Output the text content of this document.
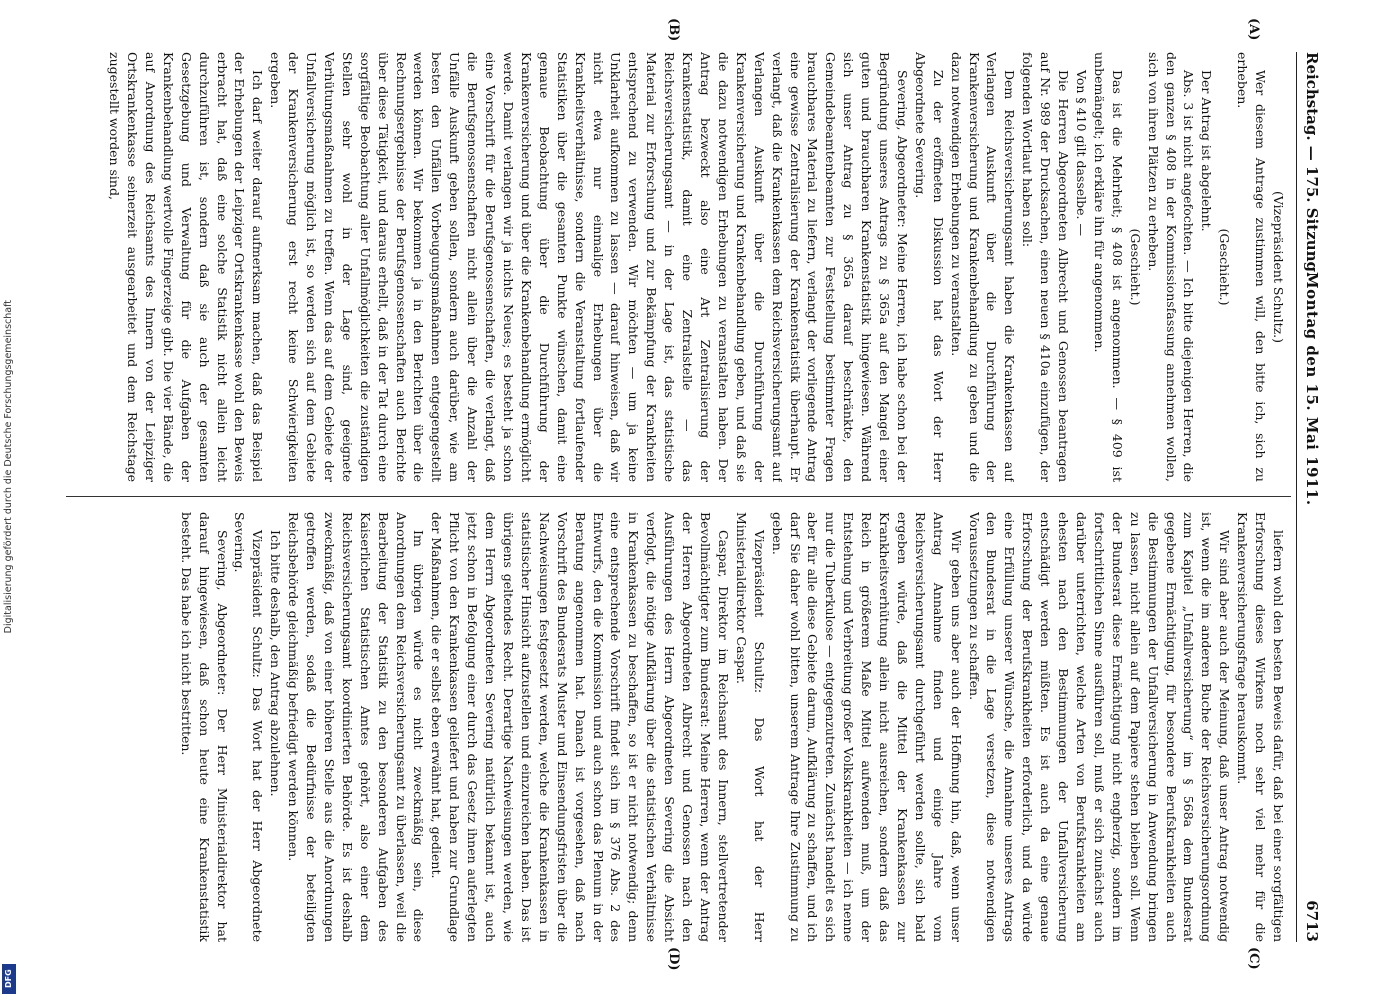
Digitalisierung gefördert durch die Deutsche Forschungsgemeinschaft
DFG
Reichstag. — 175. Sitzung.
Montag den 15. Mai 1911.
6713
(A)
(B)
(C)
(D)

(Vizepräsident Schultz.)

Wer diesem Antrage zustimmen will, den bitte ich, sich zu erheben.

(Geschieht.)

Der Antrag ist abgelehnt.

Abs. 3 ist nicht angefochten. — Ich bitte diejenigen Herren, die den ganzen § 408 in der Kommissionsfassung annehmen wollen, sich von ihren Plätzen zu erheben.

(Geschieht.)

Das ist die Mehrheit; § 408 ist angenommen. — § 409 ist unbemängelt; ich erkläre ihn für angenommen.

Von § 410 gilt dasselbe. —

Die Herren Abgeordneten Albrecht und Genossen beantragen auf Nr. 989 der Drucksachen, einen neuen § 410a einzufügen, der folgenden Wortlaut haben soll:

Dem Reichsversicherungsamt haben die Krankenkassen auf Verlangen Auskunft über die Durchführung der Krankenversicherung und Krankenbehandlung zu geben und die dazu notwendigen Erhebungen zu veranstalten.

Zu der eröffneten Diskussion hat das Wort der Herr Abgeordnete Severing.

Severing, Abgeordneter: Meine Herren, ich habe schon bei der Begründung unseres Antrags zu § 365a auf den Mangel einer guten und brauchbaren Krankenstatistik hingewiesen. Während sich unser Antrag zu § 365a darauf beschränkte, den Gemeindebeamtenbeamten zur Feststellung bestimmter Fragen brauchbares Material zu liefern, verlangt der vorliegende Antrag eine gewisse Zentralisierung der Krankenstatistik überhaupt. Er verlangt, daß die Krankenkassen dem Reichsversicherungsamt auf Verlangen Auskunft über die Durchführung der Krankenversicherung und Krankenbehandlung geben, und daß sie die dazu notwendigen Erhebungen zu veranstalten haben. Der Antrag bezweckt also eine Art Zentralisierung der Krankenstatistik, damit eine Zentralstelle — das Reichsversicherungsamt — in der Lage ist, das statistische Material zur Erforschung und zur Bekämpfung der Krankheiten entsprechend zu verwenden. Wir möchten — um ja keine Unklarheit aufkommen zu lassen — darauf hinweisen, daß wir nicht etwa nur einmalige Erhebungen über die Krankheitsverhältnisse, sondern die Veranstaltung fortlaufender Statistiken über die gesamten Punkte wünschen, damit eine genaue Beobachtung über die Durchführung der Krankenversicherung und über die Krankenbehandlung ermöglicht werde. Damit verlangen wir ja nichts Neues; es besteht ja schon eine Vorschrift für die Berufsgenossenschaften, die verlangt, daß die Berufsgenossenschaften nicht allein über die Anzahl der Unfälle Auskunft geben sollen, sondern auch darüber, wie am besten den Unfällen Vorbeugungsmaßnahmen entgegengestellt werden können. Wir bekommen ja in den Berichten über die Rechnungsergebnisse der Berufsgenossenschaften auch Berichte über diese Tätigkeit, und daraus erhellt, daß in der Tat durch eine sorgfältige Beobachtung aller Unfallmöglichkeiten die zuständigen Stellen sehr wohl in der Lage sind, geeignete Verhütungsmaßnahmen zu treffen. Wenn das auf dem Gebiete der Unfallversicherung möglich ist, so werden sich auf dem Gebiete der Krankenversicherung erst recht keine Schwierigkeiten ergeben.

Ich darf weiter darauf aufmerksam machen, daß das Beispiel der Erhebungen der Leipziger Ortskrankenkasse wohl den Beweis erbracht hat, daß eine solche Statistik nicht allein leicht durchzuführen ist, sondern daß sie auch der gesamten Gesetzgebung und Verwaltung für die Aufgaben der Krankenbehandlung wertvolle Fingerzeige gibt. Die vier Bände, die auf Anordnung des Reichsamts des Innern von der Leipziger Ortskrankenkasse seinerzeit ausgearbeitet und dem Reichstage zugestellt worden sind,

liefern wohl den besten Beweis dafür, daß bei einer sorgfältigen Erforschung dieses Wirkens noch sehr viel mehr für die Krankenversicherungsfrage herauskommt.

Wir sind aber auch der Meinung, daß unser Antrag notwendig ist, wenn die im anderen Buche der Reichsversicherungsordnung zum Kapitel „Unfallversicherung“ im § 568a dem Bundesrat gegebene Ermächtigung, für besondere Berufskrankheiten auch die Bestimmungen der Unfallversicherung in Anwendung bringen zu lassen, nicht allein auf dem Papiere stehen bleiben soll. Wenn der Bundesrat diese Ermächtigung nicht engherzig, sondern im fortschrittlichen Sinne ausführen soll, muß er sich zunächst auch darüber unterrichten, welche Arten von Berufskrankheiten am ehesten nach den Bestimmungen der Unfallversicherung entschädigt werden müßten. Es ist auch da eine genaue Erforschung der Berufskrankheiten erforderlich, und da würde eine Erfüllung unserer Wünsche, die Annahme unseres Antrags den Bundesrat in die Lage versetzen, diese notwendigen Voraussetzungen zu schaffen.

Wir geben uns aber auch der Hoffnung hin, daß, wenn unser Antrag Annahme finden und einige Jahre vom Reichsversicherungsamt durchgeführt werden sollte, sich bald ergeben würde, daß die Mittel der Krankenkassen zur Krankheitsverhütung allein nicht ausreichen, sondern daß das Reich in größerem Maße Mittel aufwenden muß, um der Entstehung und Verbreitung großer Volkskrankheiten — ich nenne nur die Tuberkulose — entgegenzutreten. Zunächst handelt es sich aber für alle diese Gebiete darum, Aufklärung zu schaffen, und ich darf Sie daher wohl bitten, unserem Antrage Ihre Zustimmung zu geben.

Vizepräsident Schultz: Das Wort hat der Herr Ministerialdirektor Caspar.

Caspar, Direktor im Reichsamt des Innern, stellvertretender Bevollmächtigter zum Bundesrat: Meine Herren, wenn der Antrag der Herren Abgeordneten Albrecht und Genossen nach den Ausführungen des Herrn Abgeordneten Severing die Absicht verfolgt, die nötige Aufklärung über die statistischen Verhältnisse in Krankenkassen zu beschaffen, so ist er nicht notwendig; denn eine entsprechende Vorschrift findet sich im § 376 Abs. 2 des Entwurfs, den die Kommission und auch schon das Plenum in der Beratung angenommen hat. Danach ist vorgesehen, daß nach Vorschrift des Bundesrats Muster und Einsendungsfristen über die Nachweisungen festgesetzt werden, welche die Krankenkassen in statistischer Hinsicht aufzustellen und einzureichen haben. Das ist übrigens geltendes Recht. Derartige Nachweisungen werden, wie dem Herrn Abgeordneten Severing natürlich bekannt ist, auch jetzt schon in Befolgung einer durch das Gesetz ihnen auferlegten Pflicht von den Krankenkassen geliefert und haben zur Grundlage der Maßnahmen, die er selbst eben erwähnt hat, gedient.

Im übrigen würde es nicht zweckmäßig sein, diese Anordnungen dem Reichsversicherungsamt zu überlassen, weil die Bearbeitung der Statistik zu den besonderen Aufgaben des Kaiserlichen Statistischen Amtes gehört, also einer dem Reichsversicherungsamt koordinierten Behörde. Es ist deshalb zweckmäßig, daß von einer höheren Stelle aus die Anordnungen getroffen werden, sodaß die Bedürfnisse der beteiligten Reichsbehörde gleichmäßig befriedigt werden können.

Ich bitte deshalb, den Antrag abzulehnen.

Vizepräsident Schultz: Das Wort hat der Herr Abgeordnete Severing.

Severing, Abgeordneter: Der Herr Ministerialdirektor hat darauf hingewiesen, daß schon heute eine Krankenstatistik besteht. Das habe ich nicht bestritten.
